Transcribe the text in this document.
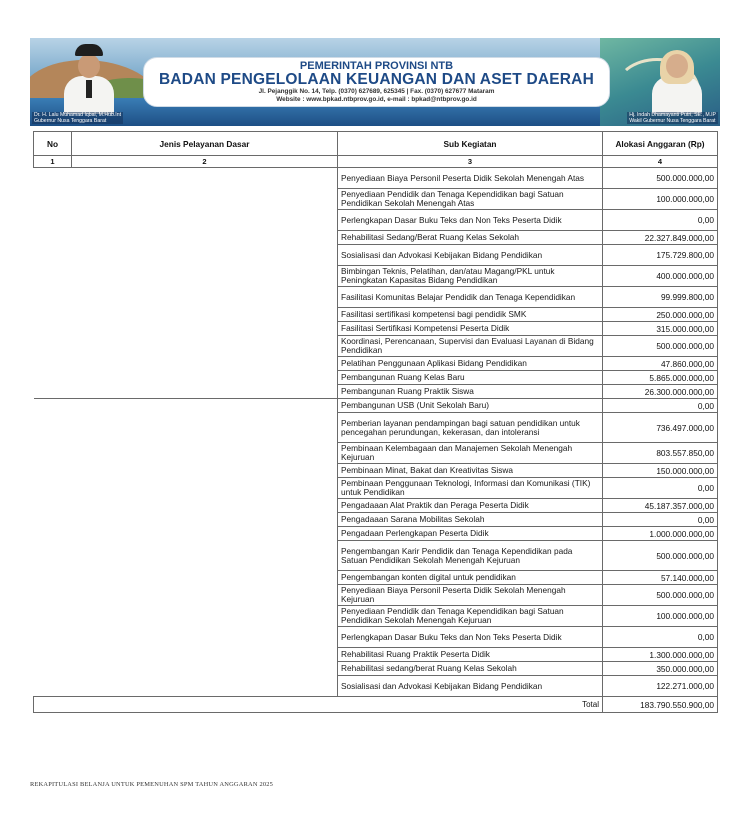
Dr. H. Lalu Muhamad Iqbal, M.Hub.Int
Gubernur Nusa Tenggara Barat
Hj. Indah Dhamayanti Putri, SE., M.IP
Wakil Gubernur Nusa Tenggara Barat
PEMERINTAH PROVINSI NTB
BADAN PENGELOLAAN KEUANGAN DAN ASET DAERAH
Jl. Pejanggik No. 14, Telp. (0370) 627689, 625345 | Fax. (0370) 627677 Mataram
Website : www.bpkad.ntbprov.go.id, e-mail : bpkad@ntbprov.go.id
No	Jenis Pelayanan Dasar	Sub Kegiatan	Alokasi Anggaran (Rp)
1	2	3	4
		Penyediaan Biaya Personil Peserta Didik Sekolah Menengah Atas	500.000.000,00
		Penyediaan Pendidik dan Tenaga Kependidikan bagi Satuan Pendidikan Sekolah Menengah Atas	100.000.000,00
		Perlengkapan Dasar Buku Teks dan Non Teks Peserta Didik	0,00
		Rehabilitasi Sedang/Berat Ruang Kelas Sekolah	22.327.849.000,00
		Sosialisasi dan Advokasi Kebijakan Bidang Pendidikan	175.729.800,00
		Bimbingan Teknis, Pelatihan, dan/atau Magang/PKL untuk Peningkatan Kapasitas Bidang Pendidikan	400.000.000,00
		Fasilitasi Komunitas Belajar Pendidik dan Tenaga Kependidikan	99.999.800,00
		Fasilitasi sertifikasi kompetensi bagi pendidik SMK	250.000.000,00
		Fasilitasi Sertifikasi Kompetensi Peserta Didik	315.000.000,00
		Koordinasi, Perencanaan, Supervisi dan Evaluasi Layanan di Bidang Pendidikan	500.000.000,00
		Pelatihan Penggunaan Aplikasi Bidang Pendidikan	47.860.000,00
		Pembangunan Ruang Kelas Baru	5.865.000.000,00
		Pembangunan Ruang Praktik Siswa	26.300.000.000,00
		Pembangunan USB (Unit Sekolah Baru)	0,00
		Pemberian layanan pendampingan bagi satuan pendidikan untuk pencegahan perundungan, kekerasan, dan intoleransi	736.497.000,00
		Pembinaan Kelembagaan dan Manajemen Sekolah Menengah Kejuruan	803.557.850,00
		Pembinaan Minat, Bakat dan Kreativitas Siswa	150.000.000,00
		Pembinaan Penggunaan Teknologi, Informasi dan Komunikasi (TIK) untuk Pendidikan	0,00
		Pengadaaan Alat Praktik dan Peraga Peserta Didik	45.187.357.000,00
		Pengadaaan Sarana Mobilitas Sekolah	0,00
		Pengadaan Perlengkapan Peserta Didik	1.000.000.000,00
		Pengembangan Karir Pendidik dan Tenaga Kependidikan pada Satuan Pendidikan Sekolah Menengah Kejuruan	500.000.000,00
		Pengembangan konten digital untuk pendidikan	57.140.000,00
		Penyediaan Biaya Personil Peserta Didik Sekolah Menengah Kejuruan	500.000.000,00
		Penyediaan Pendidik dan Tenaga Kependidikan bagi Satuan Pendidikan Sekolah Menengah Kejuruan	100.000.000,00
		Perlengkapan Dasar Buku Teks dan Non Teks Peserta Didik	0,00
		Rehabilitasi Ruang Praktik Peserta Didik	1.300.000.000,00
		Rehabilitasi sedang/berat Ruang Kelas Sekolah	350.000.000,00
		Sosialisasi dan Advokasi Kebijakan Bidang Pendidikan	122.271.000,00
Total			183.790.550.900,00
REKAPITULASI BELANJA UNTUK PEMENUHAN SPM TAHUN ANGGARAN 2025
